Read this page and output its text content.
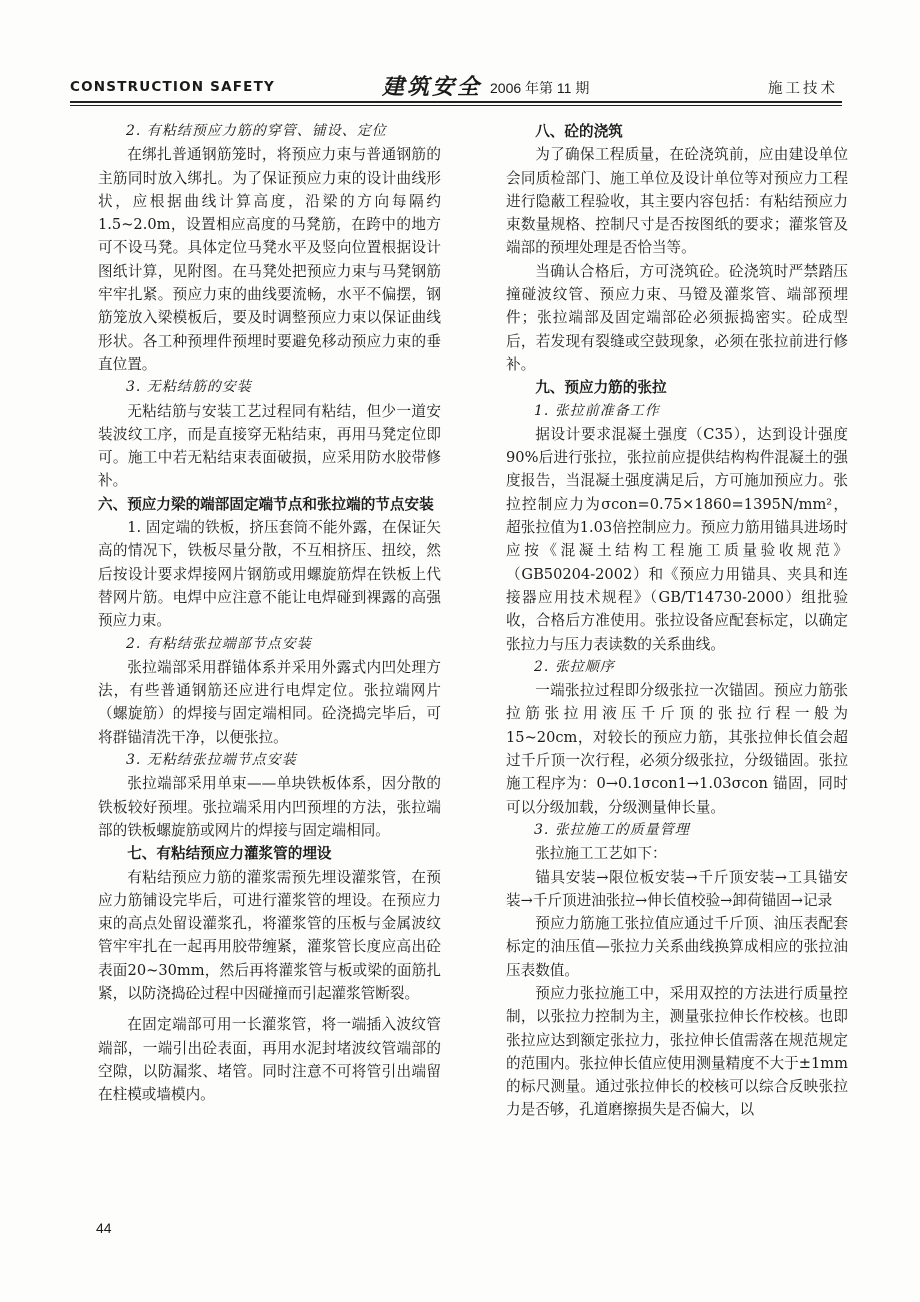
CONSTRUCTION SAFETY	建筑安全 2006 年第 11 期	施工技术
2. 有粘结预应力筋的穿管、铺设、定位

在绑扎普通钢筋笼时，将预应力束与普通钢筋的主筋同时放入绑扎。为了保证预应力束的设计曲线形状，应根据曲线计算高度，沿梁的方向每隔约1.5~2.0m，设置相应高度的马凳筋，在跨中的地方可不设马凳。具体定位马凳水平及竖向位置根据设计图纸计算，见附图。在马凳处把预应力束与马凳钢筋牢牢扎紧。预应力束的曲线要流畅，水平不偏摆，钢筋笼放入梁模板后，要及时调整预应力束以保证曲线形状。各工种预埋件预埋时要避免移动预应力束的垂直位置。

3. 无粘结筋的安装

无粘结筋与安装工艺过程同有粘结，但少一道安装波纹工序，而是直接穿无粘结束，再用马凳定位即可。施工中若无粘结束表面破损，应采用防水胶带修补。

六、预应力梁的端部固定端节点和张拉端的节点安装

1. 固定端的铁板，挤压套筒不能外露，在保证矢高的情况下，铁板尽量分散，不互相挤压、扭绞，然后按设计要求焊接网片钢筋或用螺旋筋焊在铁板上代替网片筋。电焊中应注意不能让电焊碰到裸露的高强预应力束。

2. 有粘结张拉端部节点安装

张拉端部采用群锚体系并采用外露式内凹处理方法，有些普通钢筋还应进行电焊定位。张拉端网片（螺旋筋）的焊接与固定端相同。砼浇捣完毕后，可将群锚清洗干净，以便张拉。

3. 无粘结张拉端节点安装

张拉端部采用单束——单块铁板体系，因分散的铁板较好预埋。张拉端采用内凹预埋的方法，张拉端部的铁板螺旋筋或网片的焊接与固定端相同。

七、有粘结预应力灌浆管的埋设

有粘结预应力筋的灌浆需预先埋设灌浆管，在预应力筋铺设完毕后，可进行灌浆管的埋设。在预应力束的高点处留设灌浆孔，将灌浆管的压板与金属波纹管牢牢扎在一起再用胶带缠紧，灌浆管长度应高出砼表面20~30mm，然后再将灌浆管与板或梁的面筋扎紧，以防浇捣砼过程中因碰撞而引起灌浆管断裂。

在固定端部可用一长灌浆管，将一端插入波纹管端部，一端引出砼表面，再用水泥封堵波纹管端部的空隙，以防漏浆、堵管。同时注意不可将管引出端留在柱模或墙模内。

八、砼的浇筑

为了确保工程质量，在砼浇筑前，应由建设单位会同质检部门、施工单位及设计单位等对预应力工程进行隐蔽工程验收，其主要内容包括：有粘结预应力束数量规格、控制尺寸是否按图纸的要求；灌浆管及端部的预埋处理是否恰当等。

当确认合格后，方可浇筑砼。砼浇筑时严禁踏压撞碰波纹管、预应力束、马镫及灌浆管、端部预埋件；张拉端部及固定端部砼必须振捣密实。砼成型后，若发现有裂缝或空鼓现象，必须在张拉前进行修补。

九、预应力筋的张拉
1. 张拉前准备工作

据设计要求混凝土强度（C35），达到设计强度90%后进行张拉，张拉前应提供结构构件混凝土的强度报告，当混凝土强度满足后，方可施加预应力。张拉控制应力为σcon=0.75×1860=1395N/mm²，超张拉值为1.03倍控制应力。预应力筋用锚具进场时应按《混凝土结构工程施工质量验收规范》（GB50204-2002）和《预应力用锚具、夹具和连接器应用技术规程》（GB/T14730-2000）组批验收，合格后方准使用。张拉设备应配套标定，以确定张拉力与压力表读数的关系曲线。

2. 张拉顺序

一端张拉过程即分级张拉一次锚固。预应力筋张拉筋张拉用液压千斤顶的张拉行程一般为15~20cm，对较长的预应力筋，其张拉伸长值会超过千斤顶一次行程，必须分级张拉，分级锚固。张拉施工程序为：0→0.1σcon1→1.03σcon 锚固，同时可以分级加载，分级测量伸长量。

3. 张拉施工的质量管理

张拉施工工艺如下：

锚具安装→限位板安装→千斤顶安装→工具锚安装→千斤顶进油张拉→伸长值校验→卸荷锚固→记录

预应力筋施工张拉值应通过千斤顶、油压表配套标定的油压值—张拉力关系曲线换算成相应的张拉油压表数值。

预应力张拉施工中，采用双控的方法进行质量控制，以张拉力控制为主，测量张拉伸长作校核。也即张拉应达到额定张拉力，张拉伸长值需落在规范规定的范围内。张拉伸长值应使用测量精度不大于±1mm的标尺测量。通过张拉伸长的校核可以综合反映张拉力是否够，孔道磨擦损失是否偏大，以

44
